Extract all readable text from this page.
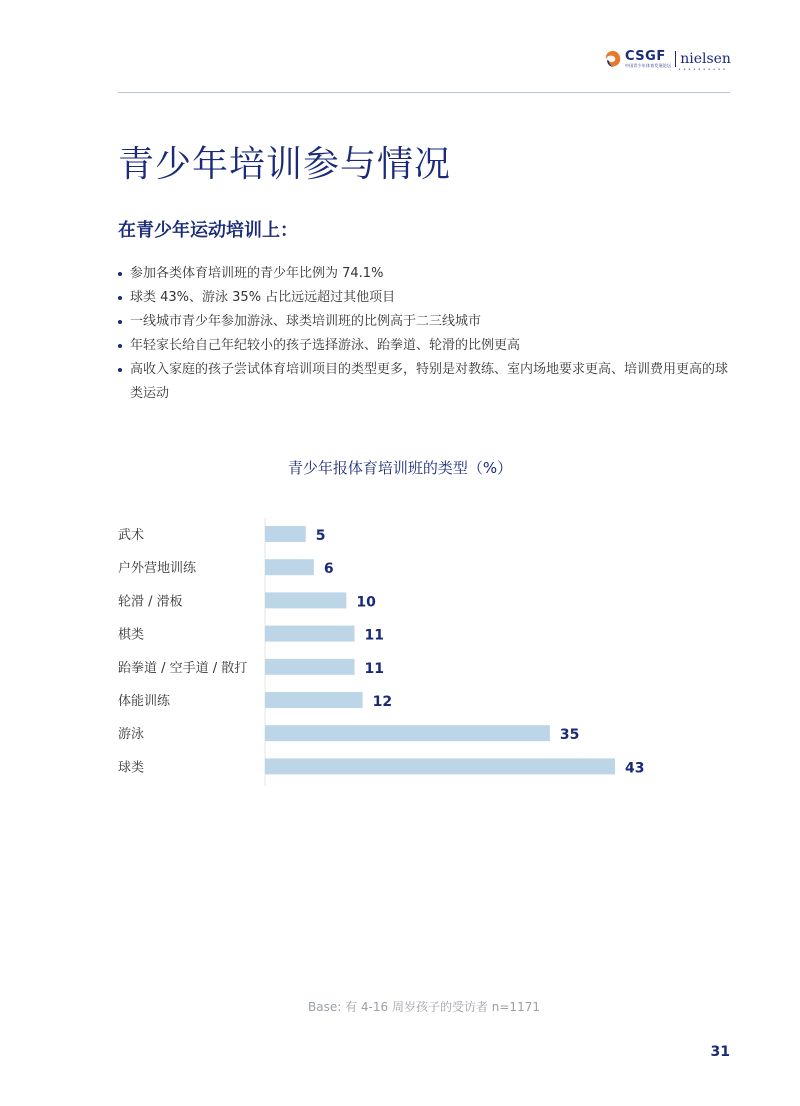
CSGF
中国青少年体育发展论坛 nielsen
••••••••••
青少年培训参与情况
在青少年运动培训上：
参加各类体育培训班的青少年比例为 74.1%
球类 43%、游泳 35% 占比远远超过其他项目
一线城市青少年参加游泳、球类培训班的比例高于二三线城市
年轻家长给自己年纪较小的孩子选择游泳、跆拳道、轮滑的比例更高
高收入家庭的孩子尝试体育培训项目的类型更多，特别是对教练、室内场地要求更高、培训费用更高的球类运动
青少年报体育培训班的类型（%）
武术	5
户外营地训练	6
轮滑 / 滑板	10
棋类	11
跆拳道 / 空手道 / 散打	11
体能训练	12
游泳	35
球类	43
Base: 有 4-16 周岁孩子的受访者 n=1171
31
